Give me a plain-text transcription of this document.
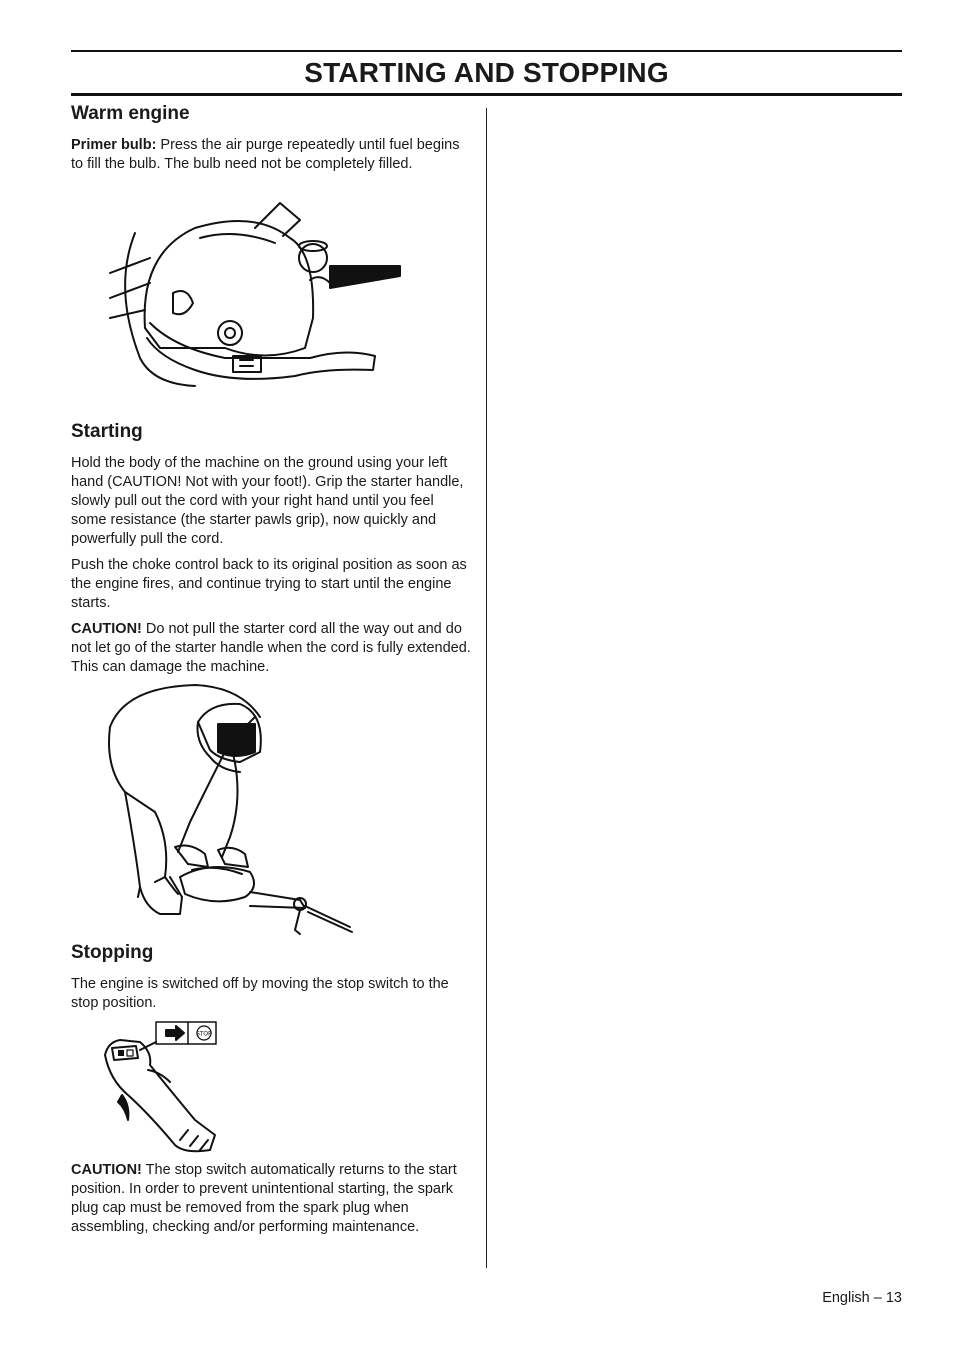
STARTING AND STOPPING
Warm engine

Primer bulb: Press the air purge repeatedly until fuel begins to fill the bulb. The bulb need not be completely filled.

Starting

Hold the body of the machine on the ground using your left hand (CAUTION! Not with your foot!). Grip the starter handle, slowly pull out the cord with your right hand until you feel some resistance (the starter pawls grip), now quickly and powerfully pull the cord.

Push the choke control back to its original position as soon as the engine fires, and continue trying to start until the engine starts.

CAUTION! Do not pull the starter cord all the way out and do not let go of the starter handle when the cord is fully extended. This can damage the machine.

Stopping

The engine is switched off by moving the stop switch to the stop position.

STOP

CAUTION! The stop switch automatically returns to the start position. In order to prevent unintentional starting, the spark plug cap must be removed from the spark plug when assembling, checking and/or performing maintenance.

English – 13
